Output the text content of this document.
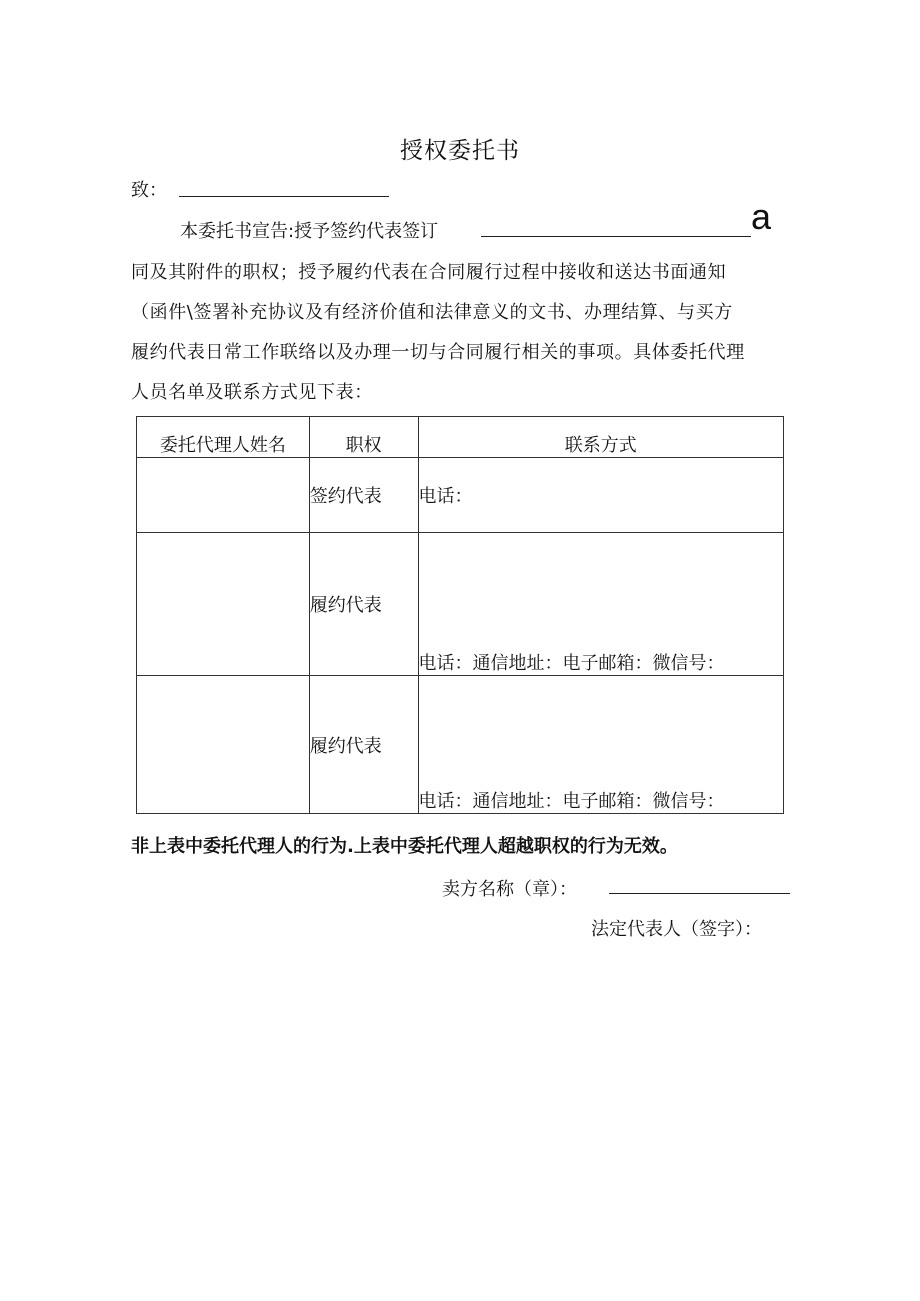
授权委托书
致：
本委托书宣告:授予签约代表签订	a
同及其附件的职权；授予履约代表在合同履行过程中接收和送达书面通知
（函件\签署补充协议及有经济价值和法律意义的文书、办理结算、与买方
履约代表日常工作联络以及办理一切与合同履行相关的事项。具体委托代理
人员名单及联系方式见下表：
委托代理人姓名	职权	联系方式
	签约代表	电话：
	履约代表	电话：通信地址：电子邮箱：微信号：
	履约代表	电话：通信地址：电子邮箱：微信号：
非上表中委托代理人的行为.上表中委托代理人超越职权的行为无效。
卖方名称（章）：
法定代表人（签字）：
